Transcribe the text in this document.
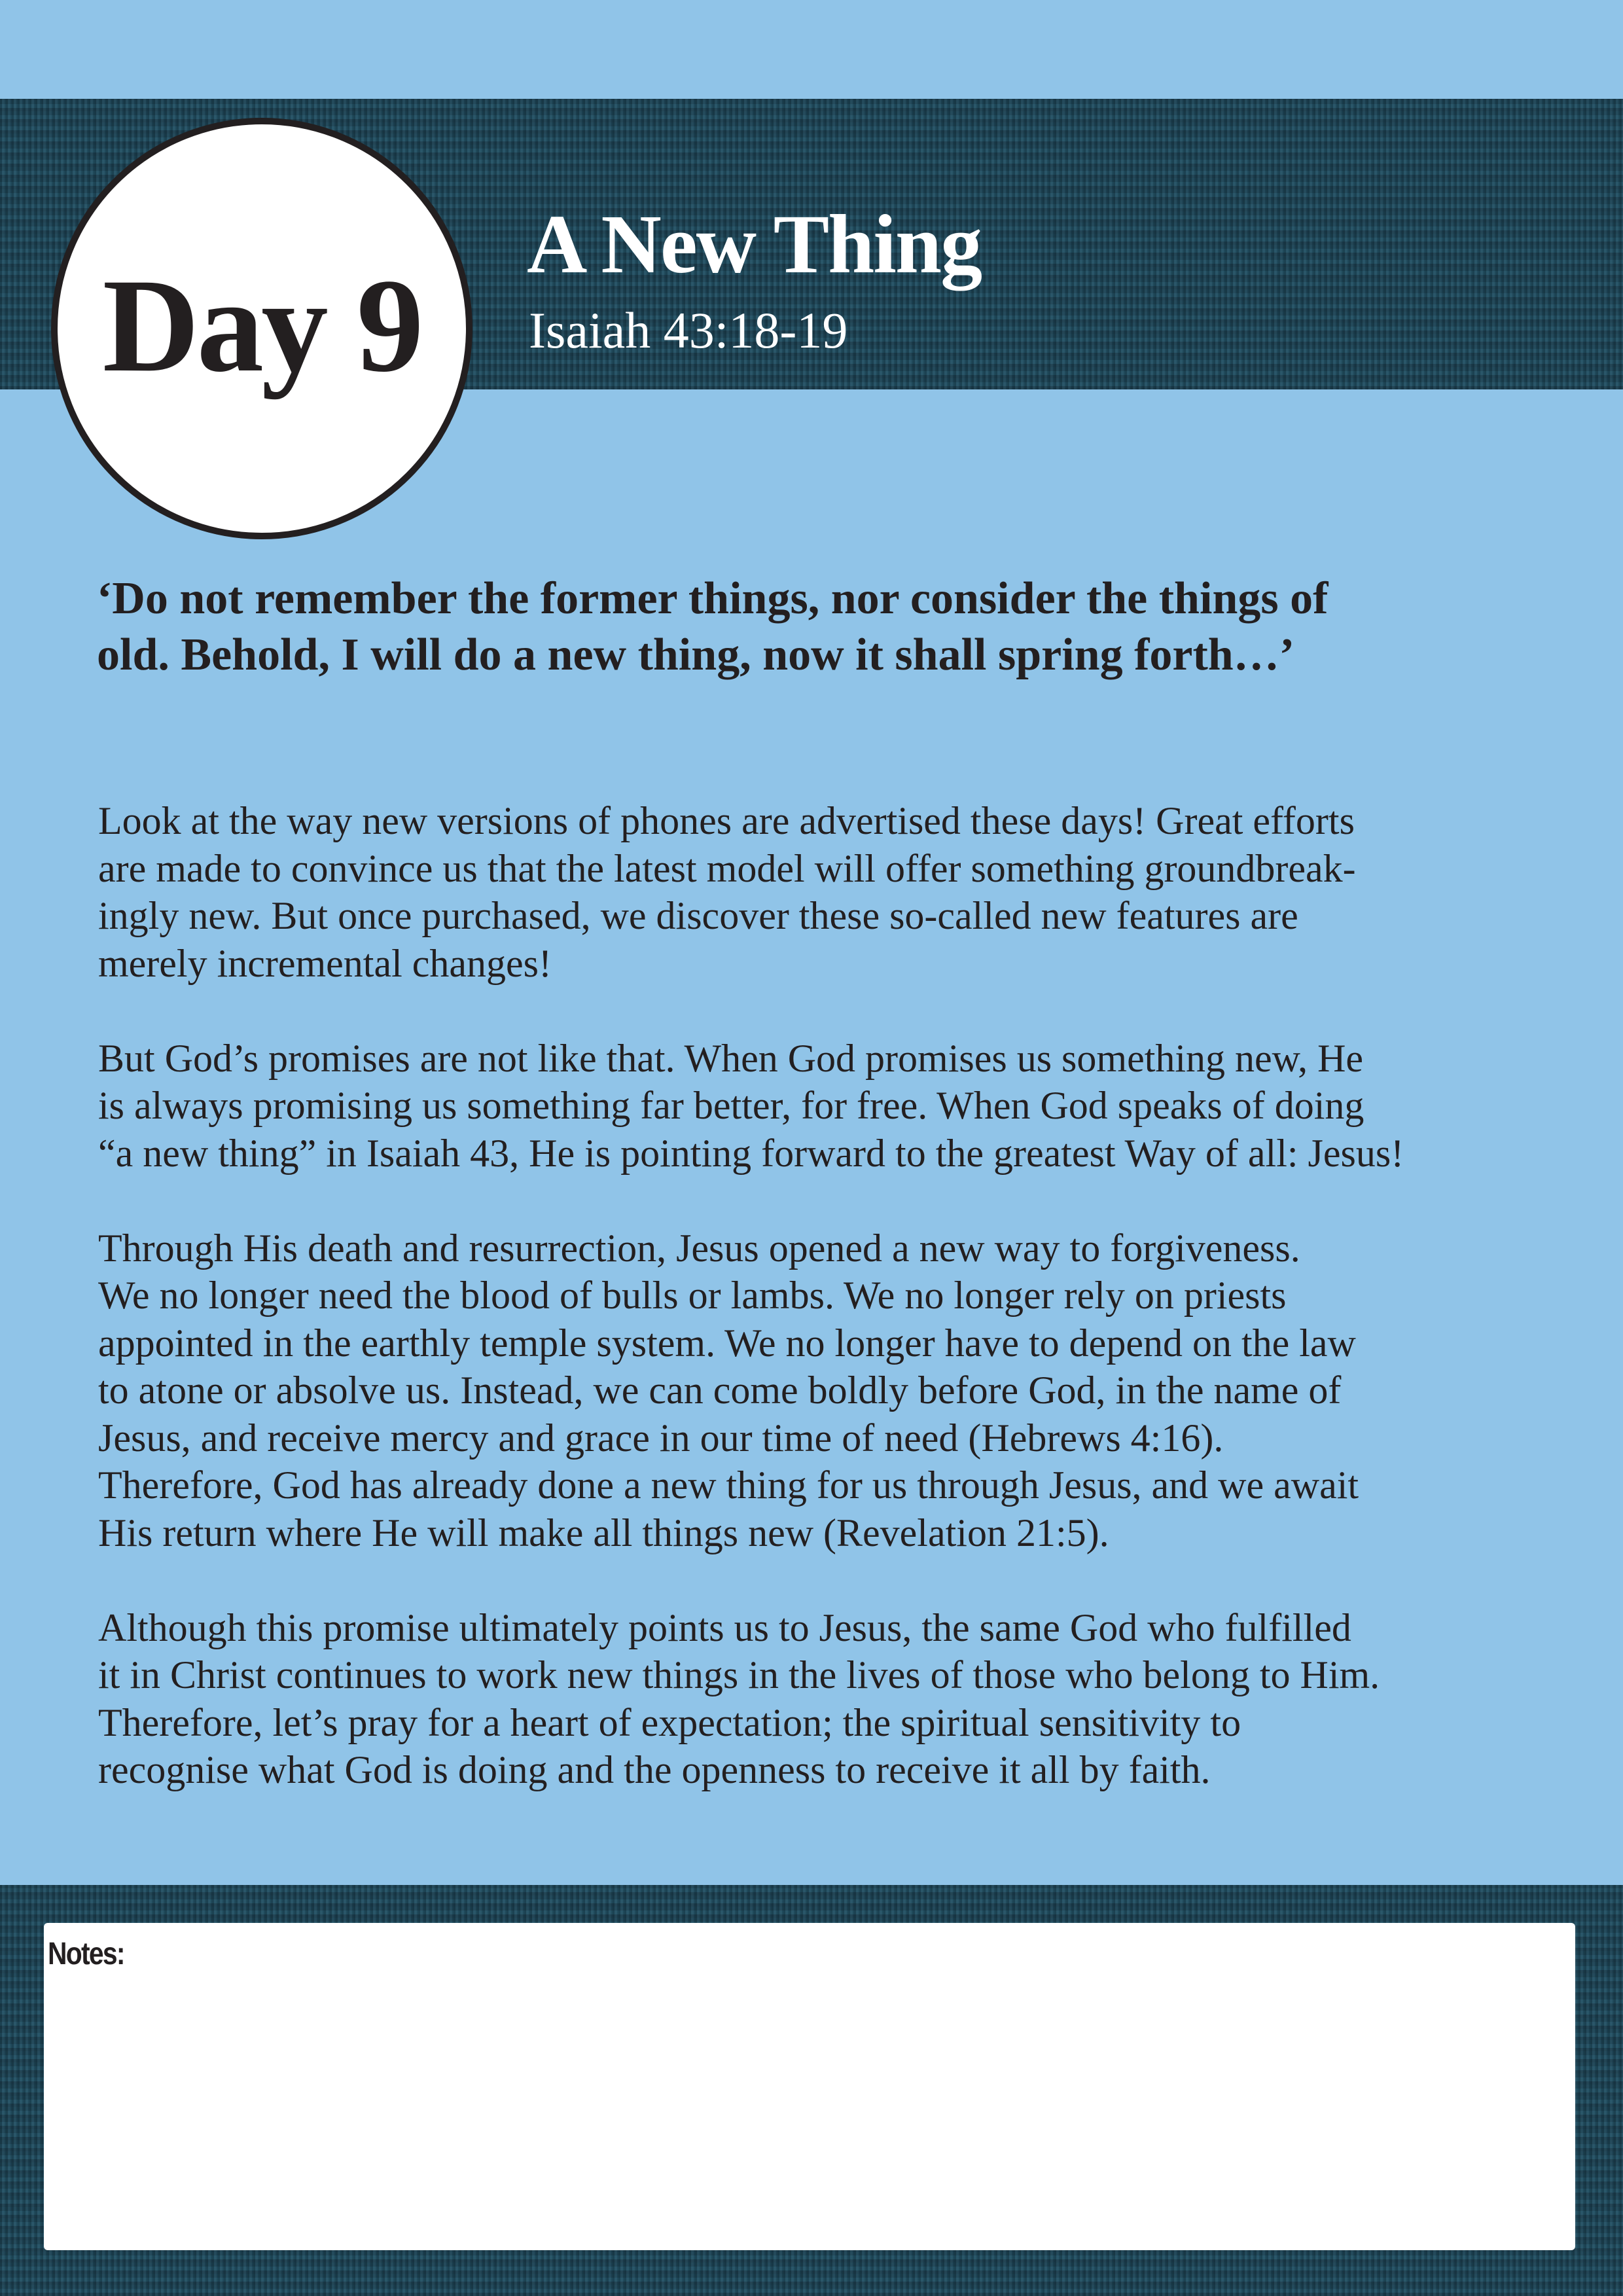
Day 9
A New Thing
Isaiah 43:18-19
‘Do not remember the former things, nor consider the things of
old. Behold, I will do a new thing, now it shall spring forth…’
Look at the way new versions of phones are advertised these days! Great efforts
are made to convince us that the latest model will offer something groundbreak-
ingly new. But once purchased, we discover these so-called new features are
merely incremental changes!
But God’s promises are not like that. When God promises us something new, He
is always promising us something far better, for free. When God speaks of doing
“a new thing” in Isaiah 43, He is pointing forward to the greatest Way of all: Jesus!
Through His death and resurrection, Jesus opened a new way to forgiveness.
We no longer need the blood of bulls or lambs. We no longer rely on priests
appointed in the earthly temple system. We no longer have to depend on the law
to atone or absolve us. Instead, we can come boldly before God, in the name of
Jesus, and receive mercy and grace in our time of need (Hebrews 4:16).
Therefore, God has already done a new thing for us through Jesus, and we await
His return where He will make all things new (Revelation 21:5).
Although this promise ultimately points us to Jesus, the same God who fulfilled
it in Christ continues to work new things in the lives of those who belong to Him.
Therefore, let’s pray for a heart of expectation; the spiritual sensitivity to
recognise what God is doing and the openness to receive it all by faith.
Notes:
